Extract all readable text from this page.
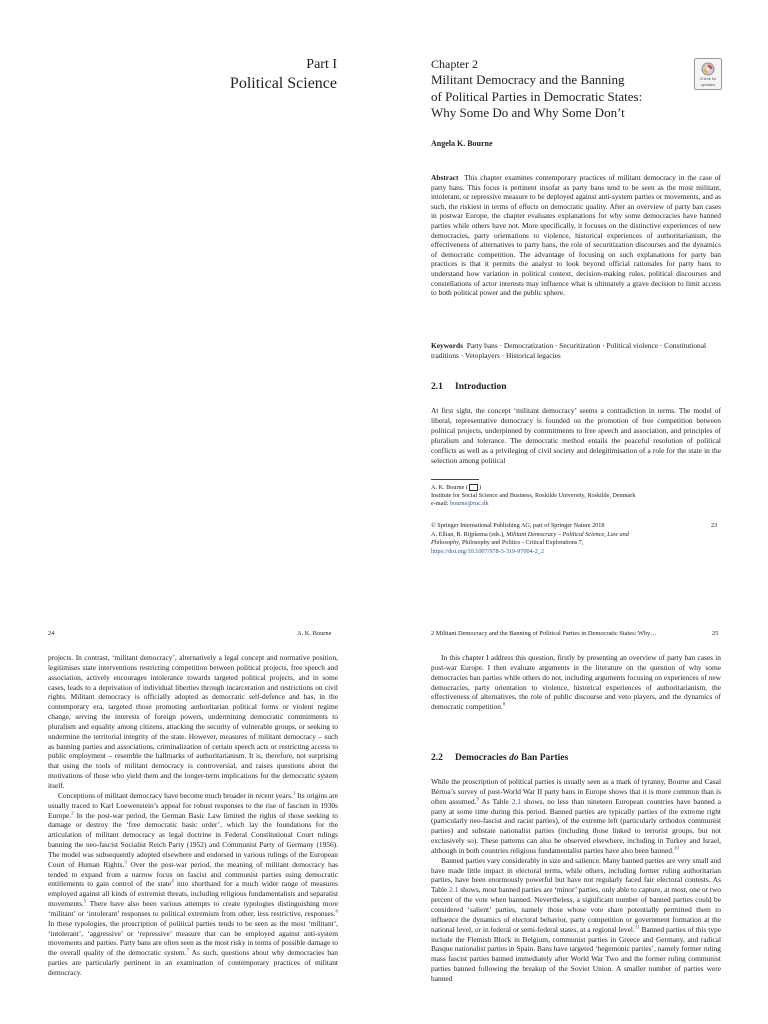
Part I
Political Science
Chapter 2
Militant Democracy and the Banning
of Political Parties in Democratic States:
Why Some Do and Why Some Don’t
Check for
updates
Angela K. Bourne
Abstract This chapter examines contemporary practices of militant democracy in the case of party bans. This focus is pertinent insofar as party bans tend to be seen as the most militant, intolerant, or repressive measure to be deployed against anti-system parties or movements, and as such, the riskiest in terms of effects on democratic quality. After an overview of party ban cases in postwar Europe, the chapter evaluates explanations for why some democracies have banned parties while others have not. More specifically, it focuses on the distinctive experiences of new democracies, party orientations to violence, historical experiences of authoritarianism, the effectiveness of alternatives to party bans, the role of securitization discourses and the dynamics of democratic competition. The advantage of focusing on such explanations for party ban practices is that it permits the analyst to look beyond official rationales for party bans to understand how variation in political context, decision-making rules, political discourses and constellations of actor interests may influence what is ultimately a grave decision to limit access to both political power and the public sphere.
Keywords Party bans · Democratization · Securitization · Political violence · Constitutional traditions · Vetoplayers · Historical legacies
2.1 Introduction
At first sight, the concept ‘militant democracy’ seems a contradiction in terms. The model of liberal, representative democracy is founded on the promotion of free competition between political projects, underpinned by commitments to free speech and association, and principles of pluralism and tolerance. The democratic method entails the peaceful resolution of political conflicts as well as a privileging of civil society and delegitimisation of a role for the state in the selection among political
A. K. Bourne ( )
Institute for Social Science and Business, Roskilde University, Roskilde, Denmark
e-mail: bourne@ruc.dk
© Springer International Publishing AG, part of Springer Nature 2018
A. Ellian, B. Rijpkema (eds.), Militant Democracy – Political Science, Law and
Philosophy, Philosophy and Politics - Critical Explorations 7,
https://doi.org/10.1007/978-3-319-97004-2_2
23
24	A. K. Bourne

projects. In contrast, ‘militant democracy’, alternatively a legal concept and normative position, legitimises state interventions restricting competition between political projects, free speech and association, actively encourages intolerance towards targeted political projects, and in some cases, leads to a deprivation of individual liberties through incarceration and restrictions on civil rights. Militant democracy is officially adopted as democratic self-defence and has, in the contemporary era, targeted those promoting authoritarian political forms or violent regime change, serving the interests of foreign powers, undermining democratic commitments to pluralism and equality among citizens, attacking the security of vulnerable groups, or seeking to undermine the territorial integrity of the state. However, measures of militant democracy – such as banning parties and associations, criminalization of certain speech acts or restricting access to public employment – resemble the hallmarks of authoritarianism. It is, therefore, not surprising that using the tools of militant democracy is controversial, and raises questions about the motivations of those who yield them and the longer-term implications for the democratic system itself.

Conceptions of militant democracy have become much broader in recent years.$^1$ Its origins are usually traced to Karl Loewenstein’s appeal for robust responses to the rise of fascism in 1930s Europe.$^2$ In the post-war period, the German Basic Law limited the rights of those seeking to damage or destroy the ‘free democratic basic order’, which lay the foundations for the articulation of militant democracy as legal doctrine in Federal Constitutional Court rulings banning the neo-fascist Socialist Reich Party (1952) and Communist Party of Germany (1956). The model was subsequently adopted elsewhere and endorsed in various rulings of the European Court of Human Rights.$^3$ Over the post-war period, the meaning of militant democracy has tended to expand from a narrow focus on fascist and communist parties using democratic entitlements to gain control of the state$^4$ into shorthand for a much wider range of measures employed against all kinds of extremist threats, including religious fundamentalists and separatist movements.$^5$ There have also been various attempts to create typologies distinguishing more ‘militant’ or ‘intolerant’ responses to political extremism from other, less restrictive, responses.$^6$ In these typologies, the proscription of political parties tends to be seen as the most ‘militant’, ‘intolerant’, ‘aggressive’ or ‘repressive’ measure that can be employed against anti-system movements and parties. Party bans are often seen as the most risky in terms of possible damage to the overall quality of the democratic system.$^7$ As such, questions about why democracies ban parties are particularly pertinent in an examination of contemporary practices of militant democracy.

2 Militant Democracy and the Banning of Political Parties in Democratic States: Why…	25

In this chapter I address this question, firstly by presenting an overview of party ban cases in post-war Europe. I then evaluate arguments in the literature on the question of why some democracies ban parties while others do not, including arguments focusing on experiences of new democracies, party orientation to violence, historical experiences of authoritarianism, the effectiveness of alternatives, the role of public discourse and veto players, and the dynamics of democratic competition.$^8$

2.2 Democracies do Ban Parties

While the proscription of political parties is usually seen as a mark of tyranny, Bourne and Casal Bértoa’s survey of post-World War II party bans in Europe shows that it is more common than is often assumed.$^9$ As Table 2.1 shows, no less than nineteen European countries have banned a party at some time during this period. Banned parties are typically parties of the extreme right (particularly neo-fascist and racist parties), of the extreme left (particularly orthodox communist parties) and substate nationalist parties (including those linked to terrorist groups, but not exclusively so). These patterns can also be observed elsewhere, including in Turkey and Israel, although in both countries religious fundamentalist parties have also been banned.$^{10}$

Banned parties vary considerably in size and salience. Many banned parties are very small and have made little impact in electoral terms, while others, including former ruling authoritarian parties, have been enormously powerful but have not regularly faced fair electoral contests. As Table 2.1 shows, most banned parties are ‘minor’ parties, only able to capture, at most, one or two percent of the vote when banned. Nevertheless, a significant number of banned parties could be considered ‘salient’ parties, namely those whose vote share potentially permitted them to influence the dynamics of electoral behavior, party competition or government formation at the national level, or in federal or semi-federal states, at a regional level.$^{11}$ Banned parties of this type include the Flemish Block in Belgium, communist parties in Greece and Germany, and radical Basque nationalist parties in Spain. Bans have targeted ‘hegemonic parties’, namely former ruling mass fascist parties banned immediately after World War Two and the former ruling communist parties banned following the breakup of the Soviet Union. A smaller number of parties were banned
